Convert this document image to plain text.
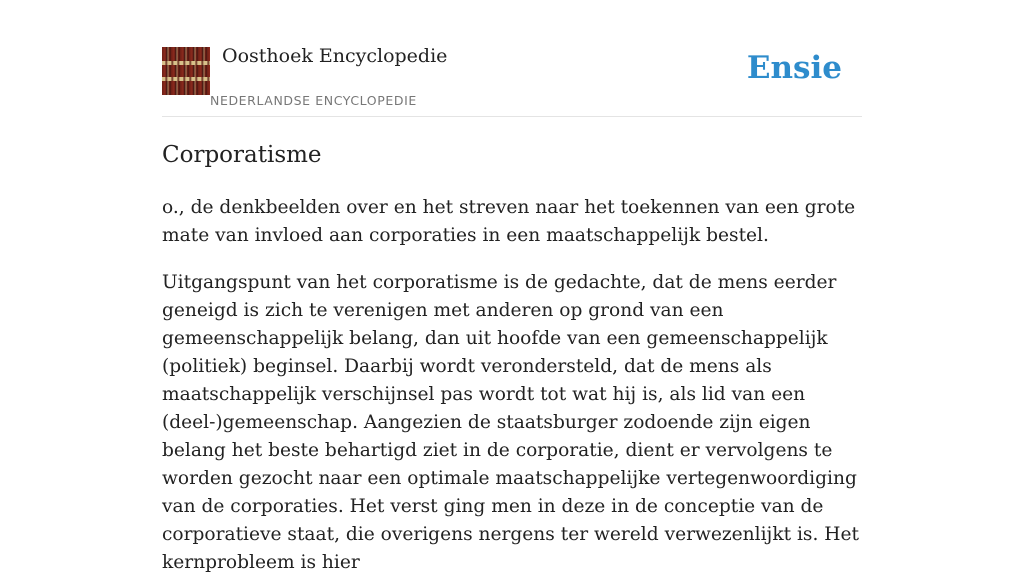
Oosthoek Encyclopedie
NEDERLANDSE ENCYCLOPEDIE
Ensie
Corporatisme

o., de denkbeelden over en het streven naar het toekennen van een grote mate van invloed aan corporaties in een maatschappelijk bestel.

Uitgangspunt van het corporatisme is de gedachte, dat de mens eerder geneigd is zich te verenigen met anderen op grond van een gemeenschappelijk belang, dan uit hoofde van een gemeenschappelijk (politiek) beginsel. Daarbij wordt verondersteld, dat de mens als maatschappelijk verschijnsel pas wordt tot wat hij is, als lid van een (deel-)gemeenschap. Aangezien de staatsburger zodoende zijn eigen belang het beste behartigd ziet in de corporatie, dient er vervolgens te worden gezocht naar een optimale maatschappelijke vertegenwoordiging van de corporaties. Het verst ging men in deze in de conceptie van de corporatieve staat, die overigens nergens ter wereld verwezenlijkt is. Het kernprobleem is hier
